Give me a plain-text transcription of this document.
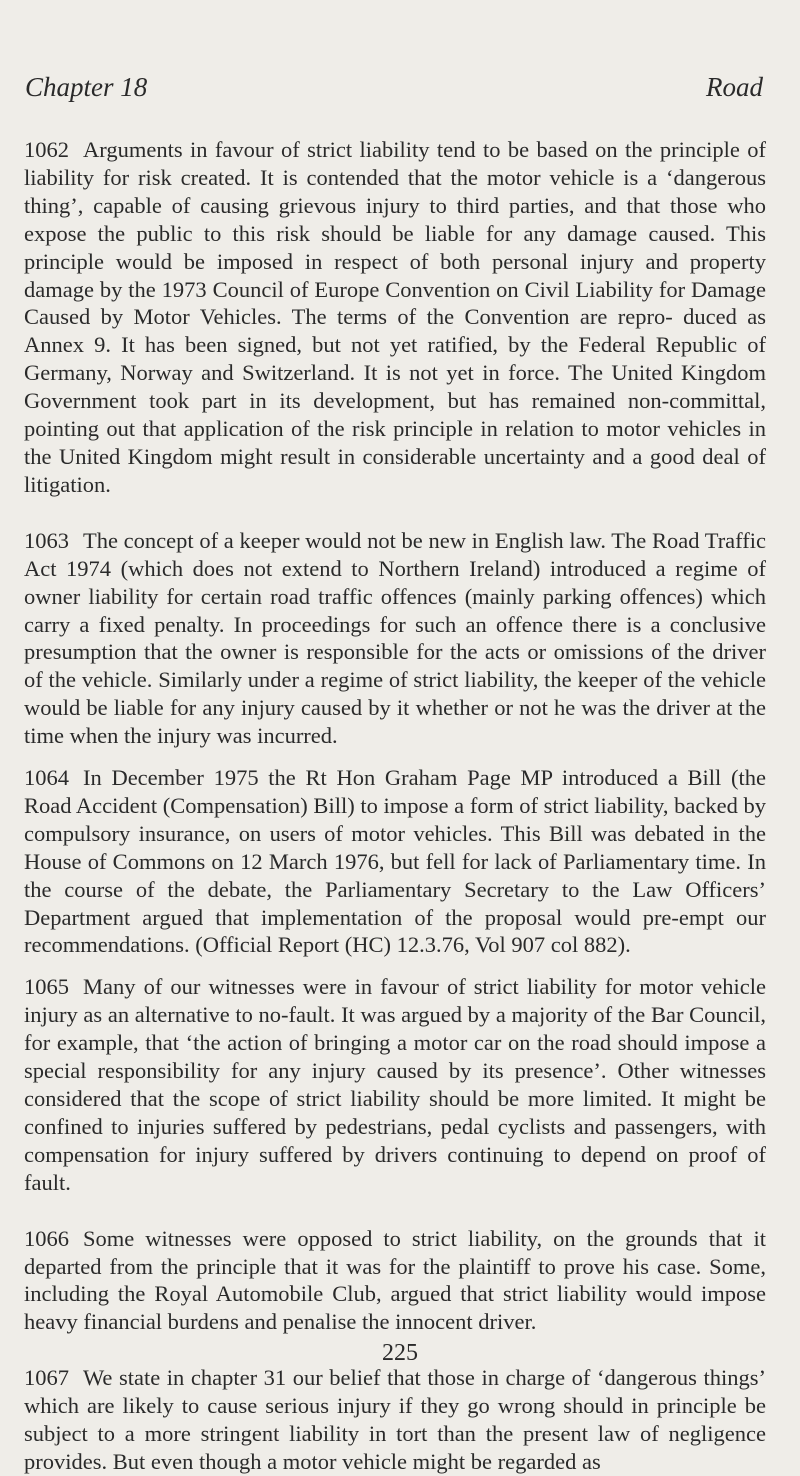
Chapter 18	Road

1062 Arguments in favour of strict liability tend to be based on the principle of liability for risk created. It is contended that the motor vehicle is a ‘dangerous thing’, capable of causing grievous injury to third parties, and that those who expose the public to this risk should be liable for any damage caused. This principle would be imposed in respect of both personal injury and property damage by the 1973 Council of Europe Convention on Civil Liability for Damage Caused by Motor Vehicles. The terms of the Convention are repro- duced as Annex 9. It has been signed, but not yet ratified, by the Federal Republic of Germany, Norway and Switzerland. It is not yet in force. The United Kingdom Government took part in its development, but has remained non-committal, pointing out that application of the risk principle in relation to motor vehicles in the United Kingdom might result in considerable uncertainty and a good deal of litigation.

1063 The concept of a keeper would not be new in English law. The Road Traffic Act 1974 (which does not extend to Northern Ireland) introduced a regime of owner liability for certain road traffic offences (mainly parking offences) which carry a fixed penalty. In proceedings for such an offence there is a conclusive presumption that the owner is responsible for the acts or omissions of the driver of the vehicle. Similarly under a regime of strict liability, the keeper of the vehicle would be liable for any injury caused by it whether or not he was the driver at the time when the injury was incurred.

1064 In December 1975 the Rt Hon Graham Page MP introduced a Bill (the Road Accident (Compensation) Bill) to impose a form of strict liability, backed by compulsory insurance, on users of motor vehicles. This Bill was debated in the House of Commons on 12 March 1976, but fell for lack of Parliamentary time. In the course of the debate, the Parliamentary Secretary to the Law Officers’ Department argued that implementation of the proposal would pre-empt our recommendations. (Official Report (HC) 12.3.76, Vol 907 col 882).

1065 Many of our witnesses were in favour of strict liability for motor vehicle injury as an alternative to no-fault. It was argued by a majority of the Bar Council, for example, that ‘the action of bringing a motor car on the road should impose a special responsibility for any injury caused by its presence’. Other witnesses considered that the scope of strict liability should be more limited. It might be confined to injuries suffered by pedestrians, pedal cyclists and passengers, with compensation for injury suffered by drivers continuing to depend on proof of fault.

1066 Some witnesses were opposed to strict liability, on the grounds that it departed from the principle that it was for the plaintiff to prove his case. Some, including the Royal Automobile Club, argued that strict liability would impose heavy financial burdens and penalise the innocent driver.

1067 We state in chapter 31 our belief that those in charge of ‘dangerous things’ which are likely to cause serious injury if they go wrong should in principle be subject to a more stringent liability in tort than the present law of negligence provides. But even though a motor vehicle might be regarded as

225
